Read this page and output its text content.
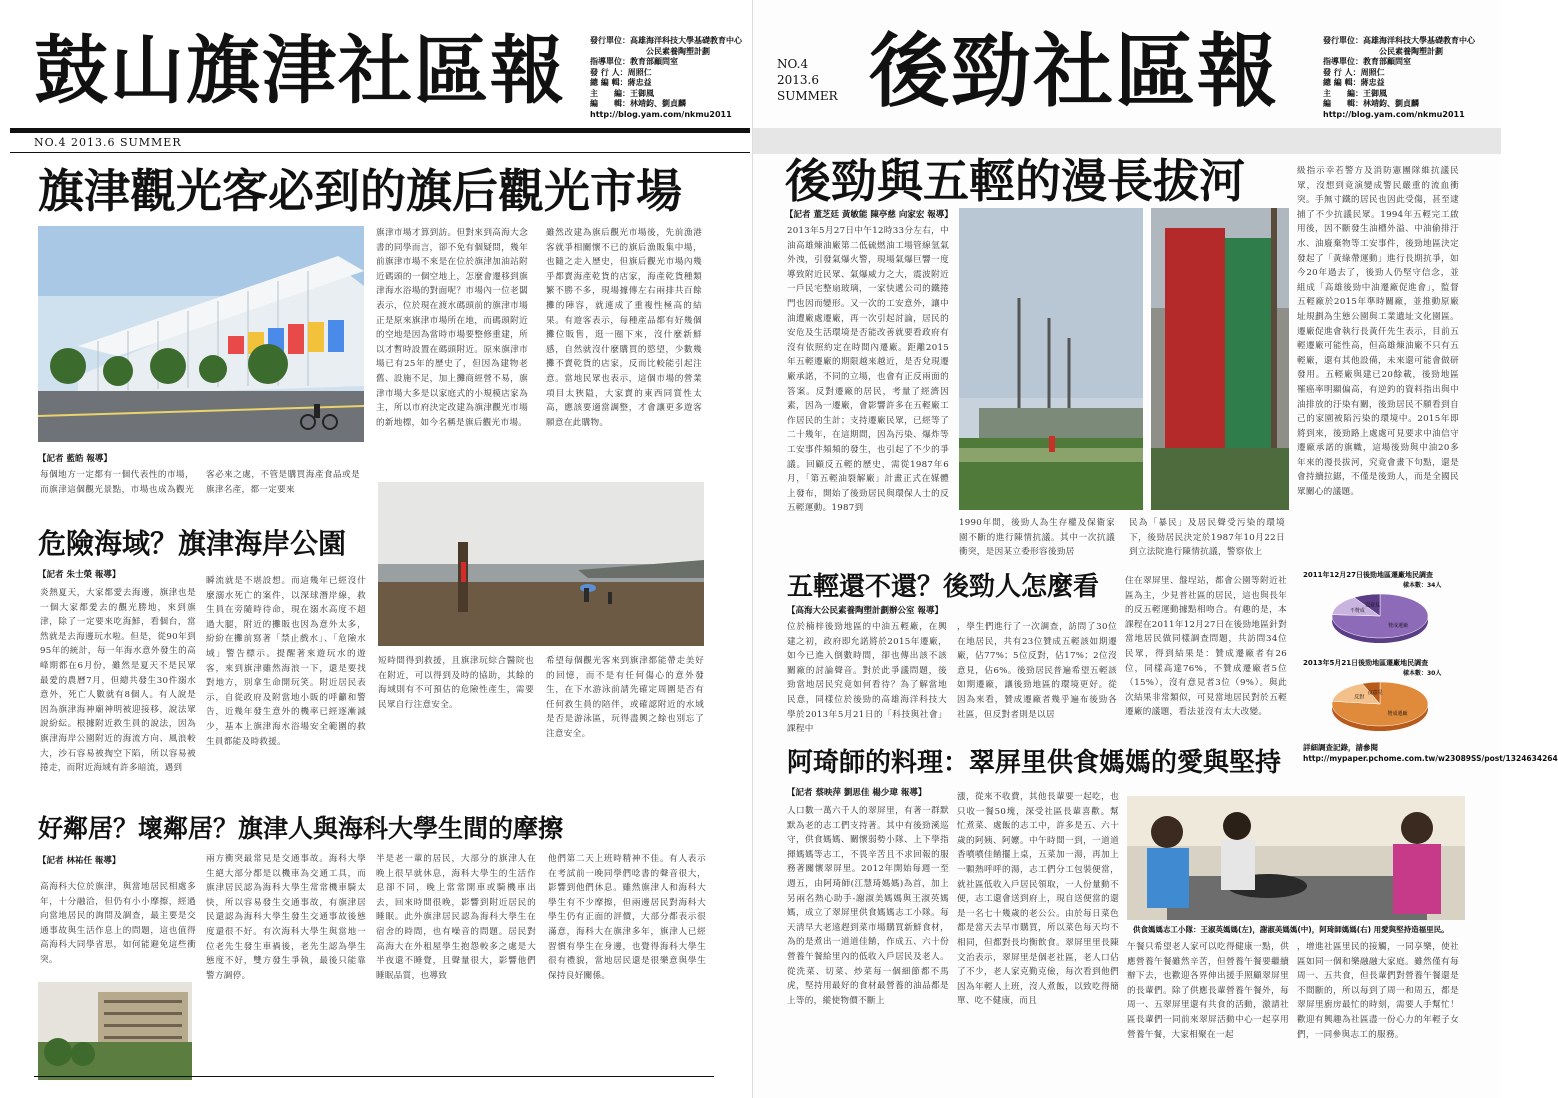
鼓山旗津社區報	發行單位：高雄海洋科技大學基礎教育中心
公民素養陶塑計劃
指導單位：教育部顧問室
發 行 人：周照仁
總 編 輯：蔣忠益
主　　編：王御風
編　　輯：林靖鈞、劉貞麟
http://blog.yam.com/nkmu2011
NO.4 2013.6 SUMMER
旗津觀光客必到的旗后觀光市場
【記者 藍皓 報導】
每個地方一定都有一個代表性的市場，而旗津這個觀光景點，市場也成為觀光客必來之處，不管是購買海產食品或是旗津名產，都一定要來
旗津市場才算到訪。但對來到高海大念書的同學而言，卻不免有個疑問，幾年前旗津市場不來是在位於旗津加油站附近碼頭的一個空地上，怎麼會遷移到旗津海水浴場的對面呢？市場內一位老闆表示，位於現在渡水碼頭前的旗津市場正是原來旗津市場所在地，而碼頭附近的空地是因為當時市場要整修重建，所以才暫時設置在碼頭附近。原來旗津市場已有25年的歷史了，但因為建物老舊、設施不足，加上攤商經營不易，旗津市場大多是以家庭式的小規模店家為主，所以市府決定改建為旗津觀光市場的新地標，如今名稱是旗后觀光市場。
雖然改建為旗后觀光市場後，先前漁港客就爭相關懷不已的旗后漁販集中場，也隨之走入歷史，但旗后觀光市場內幾乎都賣海產乾貨的店家，海產乾貨種類繁不勝不多，現場據傳左右兩排共百餘攤的陣容，就連成了重複性極高的結果。有遊客表示，每種產品都有好幾個攤位販售，逛一圈下來，沒什麼新鮮感，自然就沒什麼購買的慾望，少數幾攤不賣乾貨的店家，反而比較能引起注意。當地民眾也表示，這個市場的營業項目太狹隘，大家賣的東西同質性太高，應該要適當調整，才會讓更多遊客願意在此購物。
危險海域？旗津海岸公園
【記者 朱士榮 報導】
炎熱夏天，大家都愛去海邊，旗津也是一個大家都愛去的觀光勝地，來到旗津，除了一定要來吃海鮮，看個台，當然就是去海邊玩水啦。但是，從90年到95年的統計，每一年海水意外發生的高峰期都在6月份，雖然是夏天不是民眾最愛的農曆7月，但總共發生30件溺水意外，死亡人數就有8個人。有人說是因為旗津海神廟神明被迎接移，說法眾說紛紜。根據附近救生員的說法，因為旗津海岸公園附近的海流方向、風浪較大，沙石容易被掏空下陷，所以容易被捲走，而附近海域有許多暗流，遇到
瞬流就是不堪設想。而這幾年已經沒什麼溺水死亡的案件，以深球潛岸線，救生員在旁隨時待命，現在溺水高度不超過大腿，附近的攤販也因為意外太多，紛紛在攤前寫著「禁止戲水」、「危險水域」警告標示。提醒著來遊玩水的遊客，來到旗津雖然海浪一下，還是要找對地方，別拿生命開玩笑。附近居民表示，自從政府及附當地小販的呼籲和警告，近幾年發生意外的機率已經逐漸減少，基本上旗津海水浴場安全範圍的救生員都能及時救援。
短時間得到救援，且旗津玩綜合醫院也在附近，可以得到及時的協助，其餘的海域則有不可預估的危險性產生，需要民眾自行注意安全。
希望每個觀光客來到旗津都能帶走美好的回憶，而不是有任何傷心的意外發生，在下水游泳前請先確定周圍是否有任何救生員的陪伴，或確認附近的水域是否是游泳區，玩得盡興之餘也別忘了注意安全。
好鄰居？壞鄰居？旗津人與海科大學生間的摩擦
【記者 林祐任 報導】
高海科大位於旗津，與當地居民相處多年，十分融洽，但仍有小小摩擦，經過向當地居民的詢問及調查，最主要是交通事故與生活作息上的問題，這也值得高海科大同學省思，如何能避免這些衝突。
兩方衝突最常見是交通事故。海科大學生絕大部分都是以機車為交通工具，而旗津居民認為海科大學生常常機車騎太快，所以容易發生交通事故，有旗津居民還認為海科大學生發生交通事故後態度還很不好。有次海科大學生與當地一位老先生發生車禍後，老先生認為學生態度不好，雙方發生爭執，最後只能靠警方調停。
半是老一輩的居民，大部分的旗津人在晚上很早就休息，海科大學生的生活作息卻不同，晚上常常開車或騎機車出去，回來時間很晚，影響到附近居民的睡眠。此外旗津居民認為海科大學生在宿舍的時間，也有噪音的問題。居民對高海大在外租屋學生抱怨較多之處是大半夜還不睡覺，且聲量很大，影響他們睡眠品質，也導致
他們第二天上班時精神不佳。有人表示在考試前一晚同學們唸書的聲音很大，影響到他們休息。雖然旗津人和海科大學生有不少摩擦，但兩邊居民對海科大學生仍有正面的評價，大部分都表示很滿意，海科大在旗津多年，旗津人已經習慣有學生在身邊，也覺得海科大學生很有禮貌，當地居民還是很樂意與學生保持良好關係。
NO.4
2013.6
SUMMER 後勁社區報	發行單位：高雄海洋科技大學基礎教育中心
公民素養陶塑計劃
指導單位：教育部顧問室
發 行 人：周照仁
總 編 輯：蔣忠益
主　　編：王御風
編　　輯：林靖鈞、劉貞麟
http://blog.yam.com/nkmu2011
後勁與五輕的漫長拔河
【記者 董芝廷 黃敏能 陳亭慈 向家宏 報導】
2013年5月27日中午12時33分左右，中油高雄煉油廠第二低硫燃油工場管線氫氣外洩，引發氣爆火警，現場氣爆巨響一度導致附近民眾、氣爆威力之大，震波附近一戶民宅整扇玻璃，一家快遞公司的鐵捲門也因而變形。又一次的工安意外，讓中油遭廠處遷廠，再一次引起討論，居民的安危及生活環境是否能改善就要看政府有沒有依照約定在時間內遷廠。距離2015年五輕遷廠的期限越來越近，是否兌現遷廠承諾，不同的立場，也會有正反兩面的答案。反對遷廠的居民，考量了經濟因素，因為一遷廠，會影響許多在五輕廠工作居民的生計；支持遷廠民眾，已經等了二十幾年，在這期間，因為污染、爆炸等工安事件頻頻的發生，也引起了不少的爭議。回顧反五輕的歷史，需從1987年6月，「第五輕油裂解廠」計畫正式在媒體上發布，開始了後勁居民與環保人士的反五輕運動。1987到
1990年間，後勁人為生存權及保衛家園不斷的進行陳情抗議。其中一次抗議衝突，是因某立委形容後勁居
民為「暴民」及居民聲受污染的環境下，後勁居民決定於1987年10月22日到立法院進行陳情抗議，警察依上
級指示幸若警方及消防憲團隊維抗議民眾，沒想到竟演變成警民嚴重的流血衝突。手無寸鐵的居民也因此受傷，甚至逮捕了不少抗議民眾。1994年五輕完工啟用後，因不斷發生油槽外溢、中油偷排汙水、油廢棄物等工安事件，後勁地區決定發起了「黃綠帶運動」進行長期抗爭，如今20年過去了，後勁人仍堅守信念，並組成「高雄後勁中油遷廠促進會」，監督五輕廠於2015年準時關廠，並推動原廠址規劃為生態公園與工業遺址文化園區。遷廠促進會執行長黃仟先生表示，目前五輕遷廠可能性高，但高雄煉油廠不只有五輕廠，還有其他設備，未來還可能會做研發用。五輕廠與建已20餘載，後勁地區罹癌率明顯偏高，有逆釣的資料指出與中油排放的汙染有關，後勁居民不願看到自己的家園被陷污染的環境中。2015年即將到來，後勁路上處處可見要求中油信守遷廠承諾的旗幟，這場後勁與中油20多年來的漫長拔河，究竟會畫下句點，還是會持續拉鋸，不僅是後勁人，而是全國民眾關心的議題。
五輕還不還？後勁人怎麼看
【高海大公民素養陶塑計劃辦公室 報導】
位於楠梓後勁地區的中油五輕廠，在興建之初，政府即允諾將於2015年遷廠，如今已進入倒數時間，卻也傳出該不該關廠的討論聲音。對於此爭議問題，後勁當地居民究竟如何看待？為了解當地民意，同樣位於後勁的高雄海洋科技大學於2013年5月21日的「科技與社會」課程中
，學生們進行了一次調查，訪問了30位在地居民，共有23位贊成五輕該如期遷廠，佔77%；5位反對，佔17%；2位沒意見，佔6%。後勁居民普遍希望五輕該如期遷廠，讓後勁地區的環境更好。從因為來看，贊成遷廠者幾乎遍布後勁各社區，但反對者則是以居
住在翠屏里、盤埕站，都會公園等附近社區為主，少見普社區的居民，這也與長年的反五輕運動據點相吻合。有趣的是，本課程在2011年12月27日在後勁地區針對當地居民做同樣調查問題，共訪問34位民眾，得到結果是：贊成遷廠者有26位，同樣高達76%，不贊成遷廠者5位（15%），沒有意見者3位（9%）。與此次結果非常類似，可見當地居民對於五輕遷廠的議題，看法並沒有太大改變。
2011年12月27日後勁地區遷廠地民調查
樣本數：34人
贊成遷廠
不贊成
沒意見
2013年5月21日後勁地區遷廠地民調查
樣本數：30人
贊成遷廠
反對
沒意見
詳細調查記錄，請參閱 http://mypaper.pchome.com.tw/w23089SS/post/1324634264
阿琦師的料理：翠屏里供食媽媽的愛與堅持
【記者 蔡映萍 劉思佳 楊少瑋 報導】
人口數一萬六千人的翠屏里，有著一群默默為老的志工們支持著。其中有後勁溪巡守，供食媽媽、關懷弱勢小隊、上下學指揮媽媽等志工，不畏辛苦且不求回報的服務著關懷翠屏里。2012年開始每週一至週五，由阿琦師(江慧琦媽媽)為首，加上另兩名熱心助手-謝淑美媽媽與王淑英媽媽，成立了翠屏里供食媽媽志工小隊。每天清早大老遠趕到菜市場購買新鮮食材，為的是煮出一道道佳餚，作成五、六十份營養午餐給里內的低收入戶居民及老人。從洗菜、切菜、炒菜每一個細節都不馬虎，堅持用最好的食材最營養的油品都是上等的，縱使物價不斷上
漲，從來不收費，其他長輩要一起吃，也只收一餐50塊，深受社區長輩喜歡。幫忙煮菜、處飯的志工中，許多是五、六十歲的阿姨、阿嬤。中午時間一到，一道道香噴噴佳餚擺上桌，五菜加一湯，再加上一顆熱呼呼的湯，志工們分工包裝便當，就社區低收入戶居民領取，一人份量動不便，志工還會送到府上，現自送便當的還是一名七十幾歲的老公公。由於每日菜色都是當天去早市購買，所以菜色每天均不相同，但都對長均衡飲食。翠屏里里長陳文治表示，翠屏里是個老社區，老人口佔了不少，老人家克勤克儉，每次看到他們因為年輕人上班，沒人煮飯，以致吃得簡單、吃不健康，而且
供食媽媽志工小隊：王淑英媽媽(左)，謝淑美媽媽(中)，阿琦師媽媽(右) 用愛與堅持造福里民。
午餐只希望老人家可以吃得健康一點，供應營養午餐雖然辛苦，但營養午餐要繼續辦下去，也歡迎各界伸出援手照顧翠屏里的長輩們。除了供應長輩營養午餐外，每周一、五翠屏里還有共食的活動，激請社區長輩們一同前來翠屏活動中心一起享用營養午餐，大家相聚在一起
，增進社區里民的接觸，一同享樂，使社區如同一個和樂融融大家庭。雖然僅有每周一、五共食，但長輩們對營養午餐還是不間斷的，所以每到了周一和周五，都是翠屏里廚房最忙的時刻，需要人手幫忙！歡迎有興趣為社區盡一份心力的年輕子女們，一同參與志工的服務。
